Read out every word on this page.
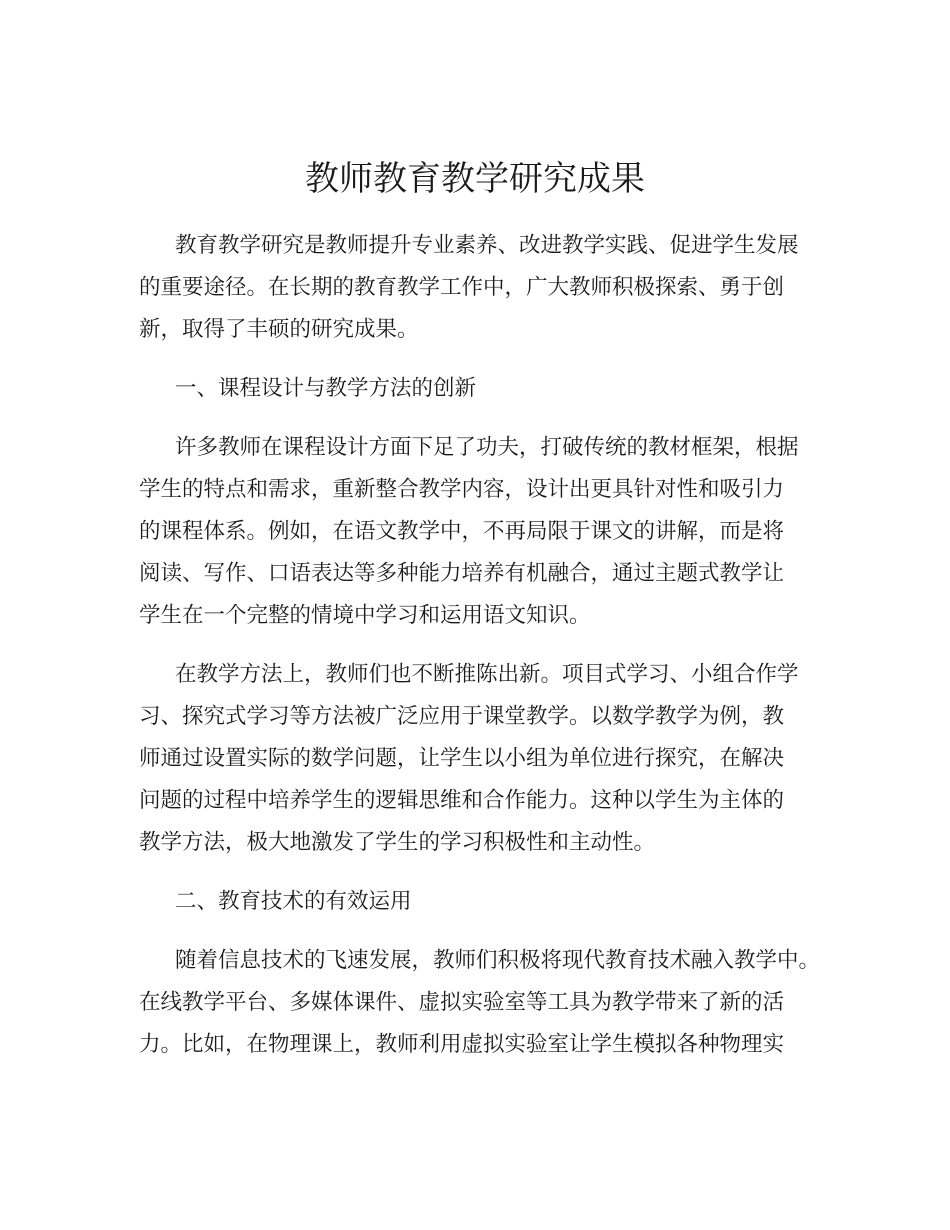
教师教育教学研究成果
教育教学研究是教师提升专业素养、改进教学实践、促进学生发展
的重要途径。在长期的教育教学工作中，广大教师积极探索、勇于创
新，取得了丰硕的研究成果。
一、课程设计与教学方法的创新
许多教师在课程设计方面下足了功夫，打破传统的教材框架，根据
学生的特点和需求，重新整合教学内容，设计出更具针对性和吸引力
的课程体系。例如，在语文教学中，不再局限于课文的讲解，而是将
阅读、写作、口语表达等多种能力培养有机融合，通过主题式教学让
学生在一个完整的情境中学习和运用语文知识。
在教学方法上，教师们也不断推陈出新。项目式学习、小组合作学
习、探究式学习等方法被广泛应用于课堂教学。以数学教学为例，教
师通过设置实际的数学问题，让学生以小组为单位进行探究，在解决
问题的过程中培养学生的逻辑思维和合作能力。这种以学生为主体的
教学方法，极大地激发了学生的学习积极性和主动性。
二、教育技术的有效运用
随着信息技术的飞速发展，教师们积极将现代教育技术融入教学中。
在线教学平台、多媒体课件、虚拟实验室等工具为教学带来了新的活
力。比如，在物理课上，教师利用虚拟实验室让学生模拟各种物理实
